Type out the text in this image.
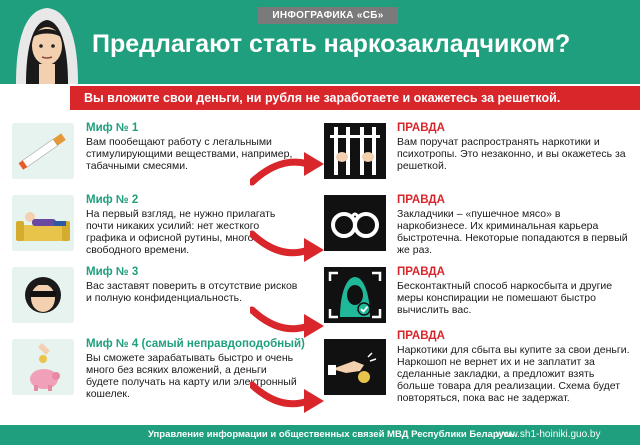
ИНФОГРАФИКА «СБ»
Предлагают стать наркозакладчиком?
Вы вложите свои деньги, ни рубля не заработаете и окажетесь за решеткой.
Миф № 1
Вам пообещают работу с легальными стимулирующими веществами, например, табачными смесями.
ПРАВДА
Вам поручат распространять наркотики и психотропы. Это незаконно, и вы окажетесь за решеткой.
Миф № 2
На первый взгляд, не нужно прилагать почти никаких усилий: нет жесткого графика и офисной рутины, много свободного времени.
ПРАВДА
Закладчики – «пушечное мясо» в наркобизнесе. Их криминальная карьера быстротечна. Некоторые попадаются в первый же раз.
Миф № 3
Вас заставят поверить в отсутствие рисков и полную конфиденциальность.
ПРАВДА
Бесконтактный способ наркосбыта и другие меры конспирации не помешают быстро вычислить вас.
Миф № 4 (самый неправдоподобный)
Вы сможете зарабатывать быстро и очень много без всяких вложений, а деньги будете получать на карту или электронный кошелек.
ПРАВДА
Наркотики для сбыта вы купите за свои деньги. Наркошоп не вернет их и не заплатит за сделанные закладки, а предложит взять больше товара для реализации. Схема будет повторяться, пока вас не задержат.
Управление информации и общественных связей МВД Республики Беларусь.
www.sh1-hoiniki.guo.by
